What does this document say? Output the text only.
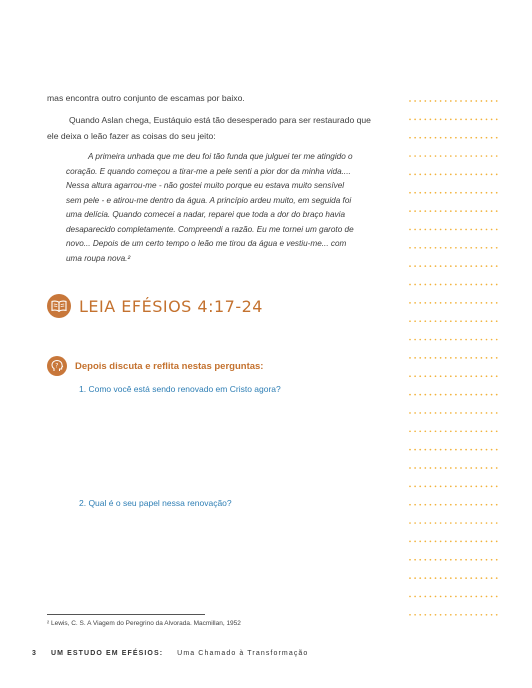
mas encontra outro conjunto de escamas por baixo.

Quando Aslan chega, Eustáquio está tão desesperado para ser restaurado que

ele deixa o leão fazer as coisas do seu jeito:

A primeira unhada que me deu foi tão funda que julguei ter me atingido o

coração. E quando começou a tirar-me a pele senti a pior dor da minha vida....

Nessa altura agarrou-me - não gostei muito porque eu estava muito sensível

sem pele - e atirou-me dentro da água. A princípio ardeu muito, em seguida foi

uma delícia. Quando comecei a nadar, reparei que toda a dor do braço havia

desaparecido completamente. Compreendi a razão. Eu me tornei um garoto de

novo... Depois de um certo tempo o leão me tirou da água e vestiu-me... com

uma roupa nova.²

LEIA EFÉSIOS 4:17-24
? Depois discuta e reflita nestas perguntas:
1. Como você está sendo renovado em Cristo agora?
2. Qual é o seu papel nessa renovação?
² Lewis, C. S. A Viagem do Peregrino da Alvorada. Macmillan, 1952
3 UM ESTUDO EM EFÉSIOS: Uma Chamado à Transformação
